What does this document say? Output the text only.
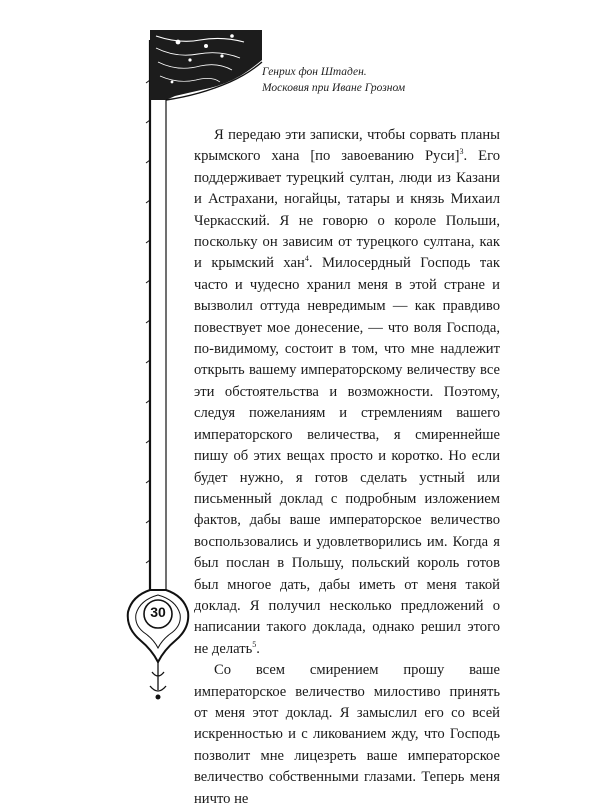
Генрих фон Штаден.
Московия при Иване Грозном
30

Я передаю эти записки, чтобы сорвать планы крымского хана [по завоеванию Руси]$^3$. Его поддерживает турецкий султан, люди из Казани и Астрахани, ногайцы, татары и князь Михаил Черкасский. Я не говорю о короле Польши, поскольку он зависим от турецкого султана, как и крымский хан$^4$. Милосердный Господь так часто и чудесно хранил меня в этой стране и вызволил оттуда невредимым — как правдиво повествует мое донесение, — что воля Господа, по-видимому, состоит в том, что мне надлежит открыть вашему императорскому величеству все эти обстоятельства и возможности. Поэтому, следуя пожеланиям и стремлениям вашего императорского величества, я смиреннейше пишу об этих вещах просто и коротко. Но если будет нужно, я готов сделать устный или письменный доклад с подробным изложением фактов, дабы ваше императорское величество воспользовались и удовлетворились им. Когда я был послан в Польшу, польский король готов был многое дать, дабы иметь от меня такой доклад. Я получил несколько предложений о написании такого доклада, однако решил этого не делать$^5$.

Со всем смирением прошу ваше императорское величество милостиво принять от меня этот доклад. Я замыслил его со всей искренностью и с ликованием жду, что Господь позволит мне лицезреть ваше императорское величество собственными глазами. Теперь меня ничто не
